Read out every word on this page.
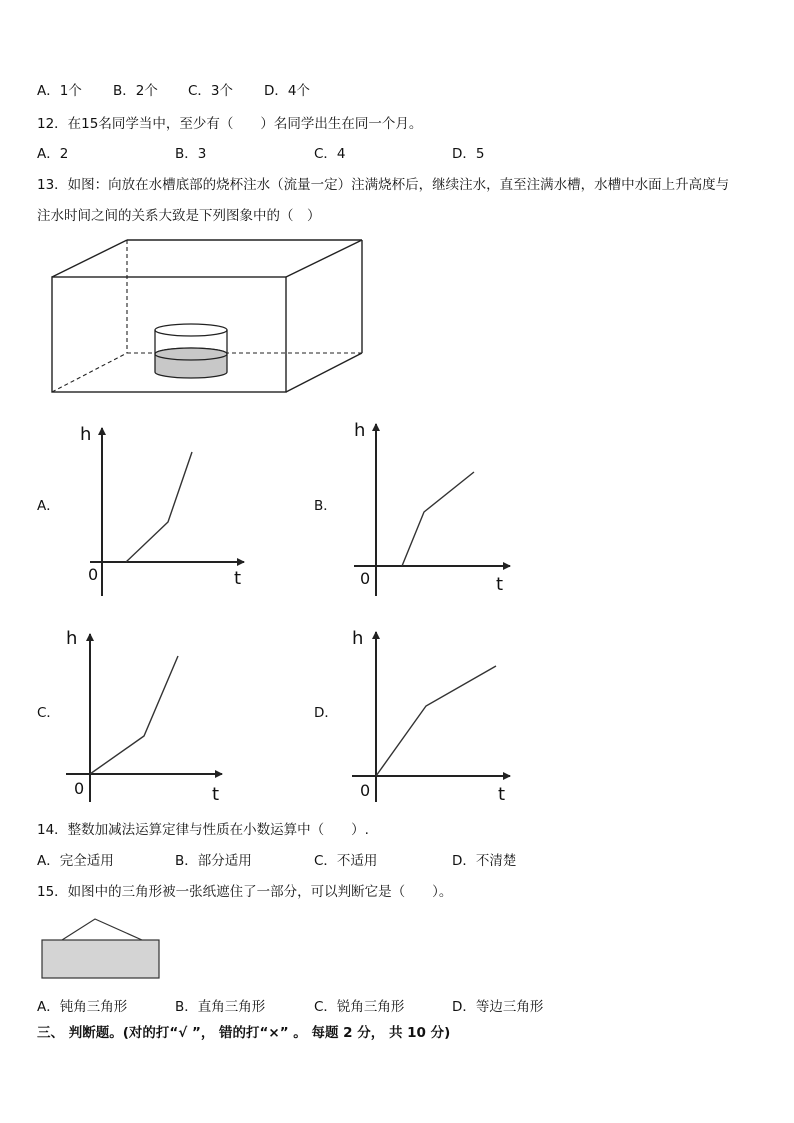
A．1个 B．2个 C．3个 D．4个
12．在15名同学当中，至少有（　　）名同学出生在同一个月。
A．2	B．3	C．4	D．5
13．如图：向放在水槽底部的烧杯注水（流量一定）注满烧杯后，继续注水，直至注满水槽，水槽中水面上升高度与
注水时间之间的关系大致是下列图象中的（　）
A．
h
t
0
B．
h
t
0
C．
h
t
0
D．
h
t
0
14．整数加减法运算定律与性质在小数运算中（　　）.
A．完全适用	B．部分适用	C．不适用	D．不清楚
15．如图中的三角形被一张纸遮住了一部分，可以判断它是（　　）。
A．钝角三角形	B．直角三角形	C．锐角三角形	D．等边三角形
三、 判断题。(对的打“√ ”， 错的打“×” 。 每题 2 分， 共 10 分)
